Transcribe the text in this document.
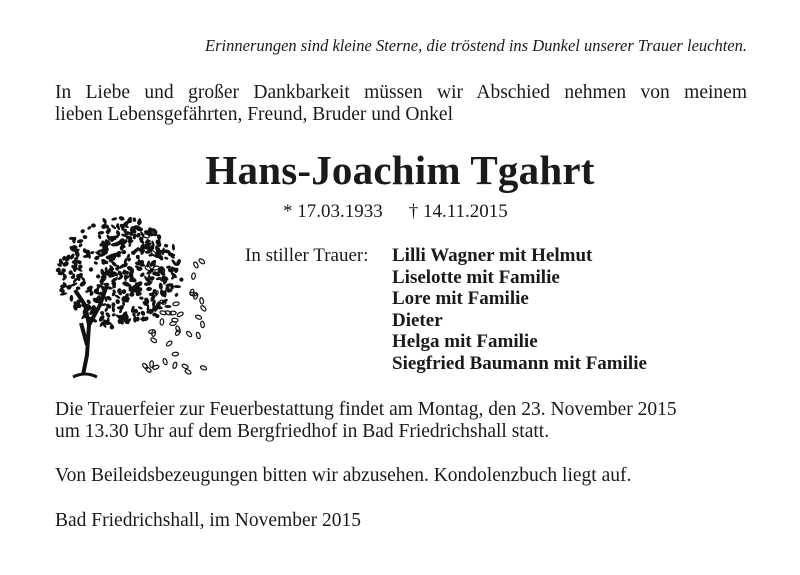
Erinnerungen sind kleine Sterne, die tröstend ins Dunkel unserer Trauer leuchten.
In Liebe und großer Dankbarkeit müssen wir Abschied nehmen von meinem
lieben Lebensgefährten, Freund, Bruder und Onkel
Hans-Joachim Tgahrt
* 17.03.1933 † 14.11.2015
In stiller Trauer: Lilli Wagner mit Helmut
Liselotte mit Familie
Lore mit Familie
Dieter
Helga mit Familie
Siegfried Baumann mit Familie
Die Trauerfeier zur Feuerbestattung findet am Montag, den 23. November 2015
um 13.30 Uhr auf dem Bergfriedhof in Bad Friedrichshall statt.
Von Beileidsbezeugungen bitten wir abzusehen. Kondolenzbuch liegt auf.
Bad Friedrichshall, im November 2015
